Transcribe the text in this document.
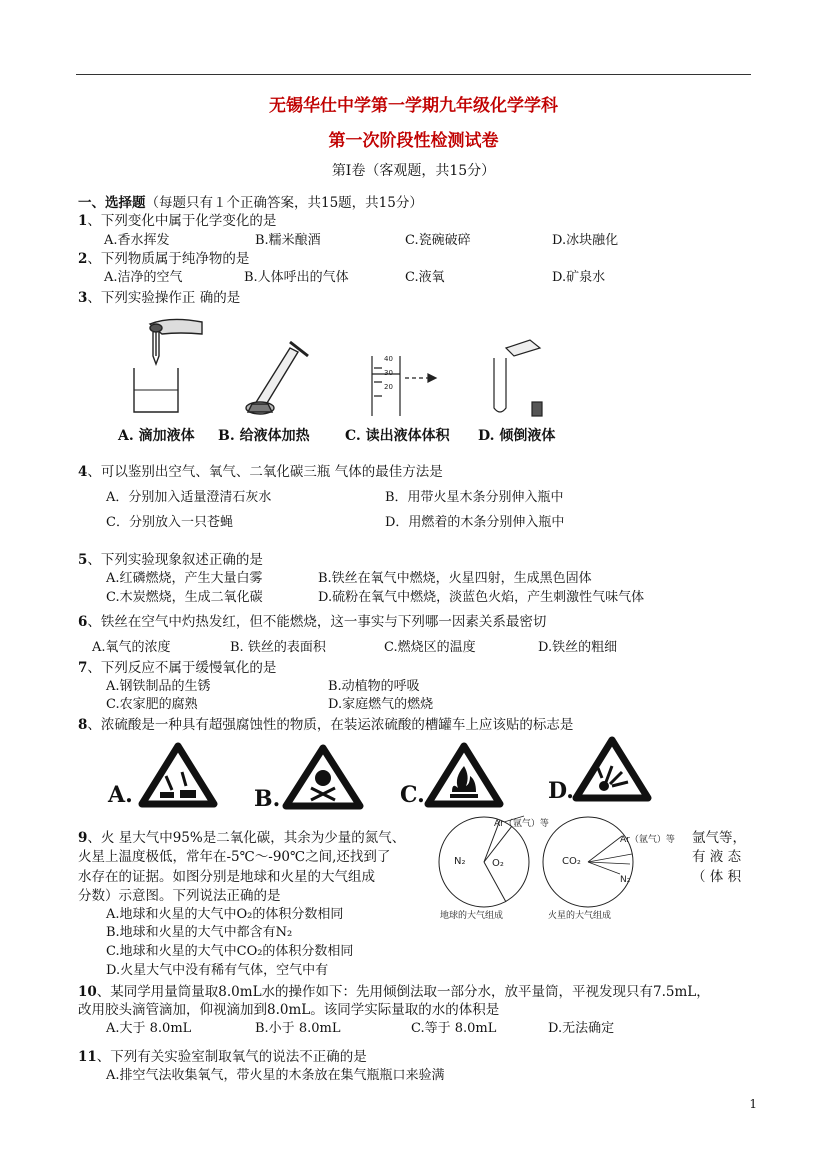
无锡华仕中学第一学期九年级化学学科
第一次阶段性检测试卷
第Ⅰ卷（客观题，共15分）
一、选择题（每题只有１个正确答案，共15题，共15分）
1、下列变化中属于化学变化的是
A.香水挥发	B.糯米酿酒	C.瓷碗破碎	D.冰块融化
2、下列物质属于纯净物的是
A.洁净的空气	B.人体呼出的气体	C.液氧	D.矿泉水
3、下列实验操作正 确的是
40
30
20
A. 滴加液体 B. 给液体加热	C. 读出液体体积 D. 倾倒液体
4、可以鉴别出空气、氧气、二氧化碳三瓶 气体的最佳方法是
A．分别加入适量澄清石灰水	B．用带火星木条分别伸入瓶中
C．分别放入一只苍蝇	D．用燃着的木条分别伸入瓶中
5、下列实验现象叙述正确的是
A.红磷燃烧，产生大量白雾	B.铁丝在氧气中燃烧，火星四射，生成黑色固体
C.木炭燃烧，生成二氧化碳	D.硫粉在氧气中燃烧，淡蓝色火焰，产生刺激性气味气体
6、铁丝在空气中灼热发红，但不能燃烧，这一事实与下列哪一因素关系最密切
A.氧气的浓度	B. 铁丝的表面积	C.燃烧区的温度	D.铁丝的粗细
7、下列反应不属于缓慢氧化的是
A.钢铁制品的生锈	B.动植物的呼吸
C.农家肥的腐熟	D.家庭燃气的燃烧
8、浓硫酸是一种具有超强腐蚀性的物质，在装运浓硫酸的槽罐车上应该贴的标志是
A.	B.	C.	D.
9、火 星大气中95%是二氧化碳，其余为少量的氮气、
火星上温度极低，常年在-5℃～-90℃之间,还找到了
水存在的证据。如图分别是地球和火星的大气组成
分数）示意图。下列说法正确的是
氩气等，
有 液 态
（ 体 积
A.地球和火星的大气中O₂的体积分数相同
B.地球和火星的大气中都含有N₂
C.地球和火星的大气中CO₂的体积分数相同
D.火星大气中没有稀有气体，空气中有
N₂	O₂
Ar（氩气）等
地球的大气组成
CO₂
Ar（氩气）等
N₂
火星的大气组成
10、某同学用量筒量取8.0mL水的操作如下：先用倾倒法取一部分水，放平量筒，平视发现只有7.5mL，
改用胶头滴管滴加，仰视滴加到8.0mL。该同学实际量取的水的体积是
A.大于 8.0mL	B.小于 8.0mL	C.等于 8.0mL	D.无法确定
11、下列有关实验室制取氧气的说法不正确的是
A.排空气法收集氧气，带火星的木条放在集气瓶瓶口来验满
1
